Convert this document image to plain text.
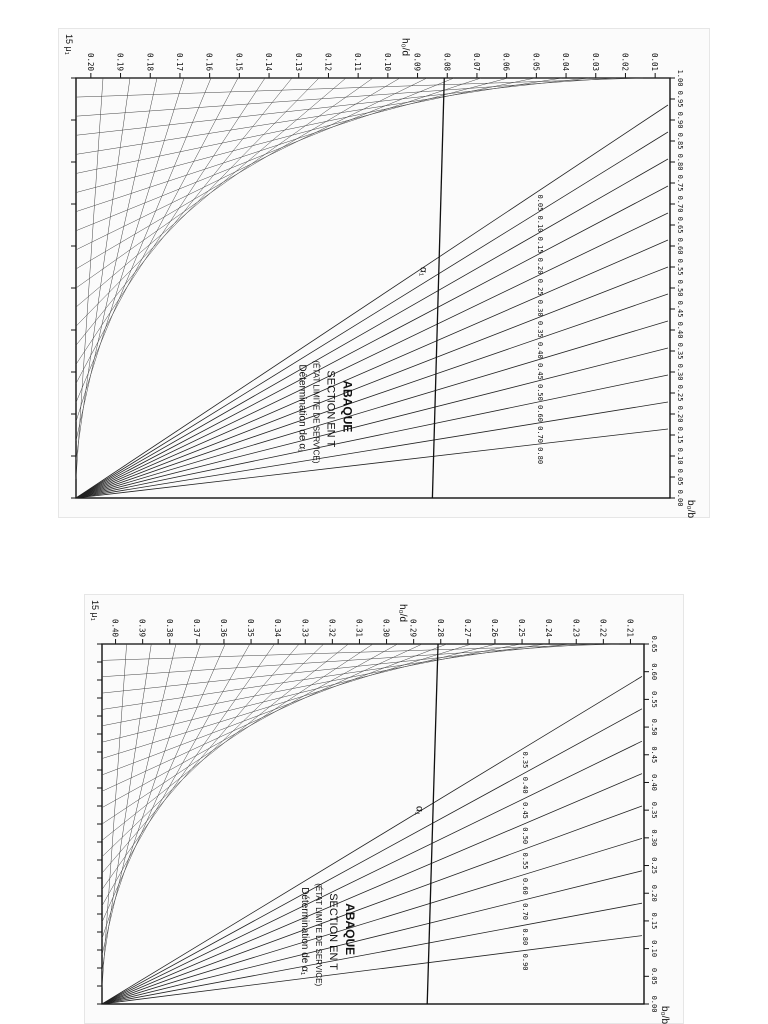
0.01
0.02
0.03
0.04
0.05
0.06
0.07
0.08
0.09
0.10
0.11
0.12
0.13
0.14
0.15
0.16
0.17
0.18
0.19
0.20
0.00
0.05
0.10
0.15
0.20
0.25
0.30
0.35
0.40
0.45
0.50
0.55
0.60
0.65
0.70
0.75
0.80
0.85
0.90
0.95
1.00
0.05
0.10
0.15
0.20
0.25
0.30
0.35
0.40
0.45
0.50
0.60
0.70
0.80
ABAQUE
SECTION EN T
(ÉTAT LIMITE DE SERVICE)
Détermination de α₁
b₀/b
h₀/d
15 μ₁
α₁
0.21
0.22
0.23
0.24
0.25
0.26
0.27
0.28
0.29
0.30
0.31
0.32
0.33
0.34
0.35
0.36
0.37
0.38
0.39
0.40
0.00
0.05
0.10
0.15
0.20
0.25
0.30
0.35
0.40
0.45
0.50
0.55
0.60
0.65
0.35
0.40
0.45
0.50
0.55
0.60
0.70
0.80
0.90
ABAQUE
SECTION EN T
(ÉTAT LIMITE DE SERVICE)
Détermination de α₁
b₀/b
h₀/d
15 μ₁
α₁
